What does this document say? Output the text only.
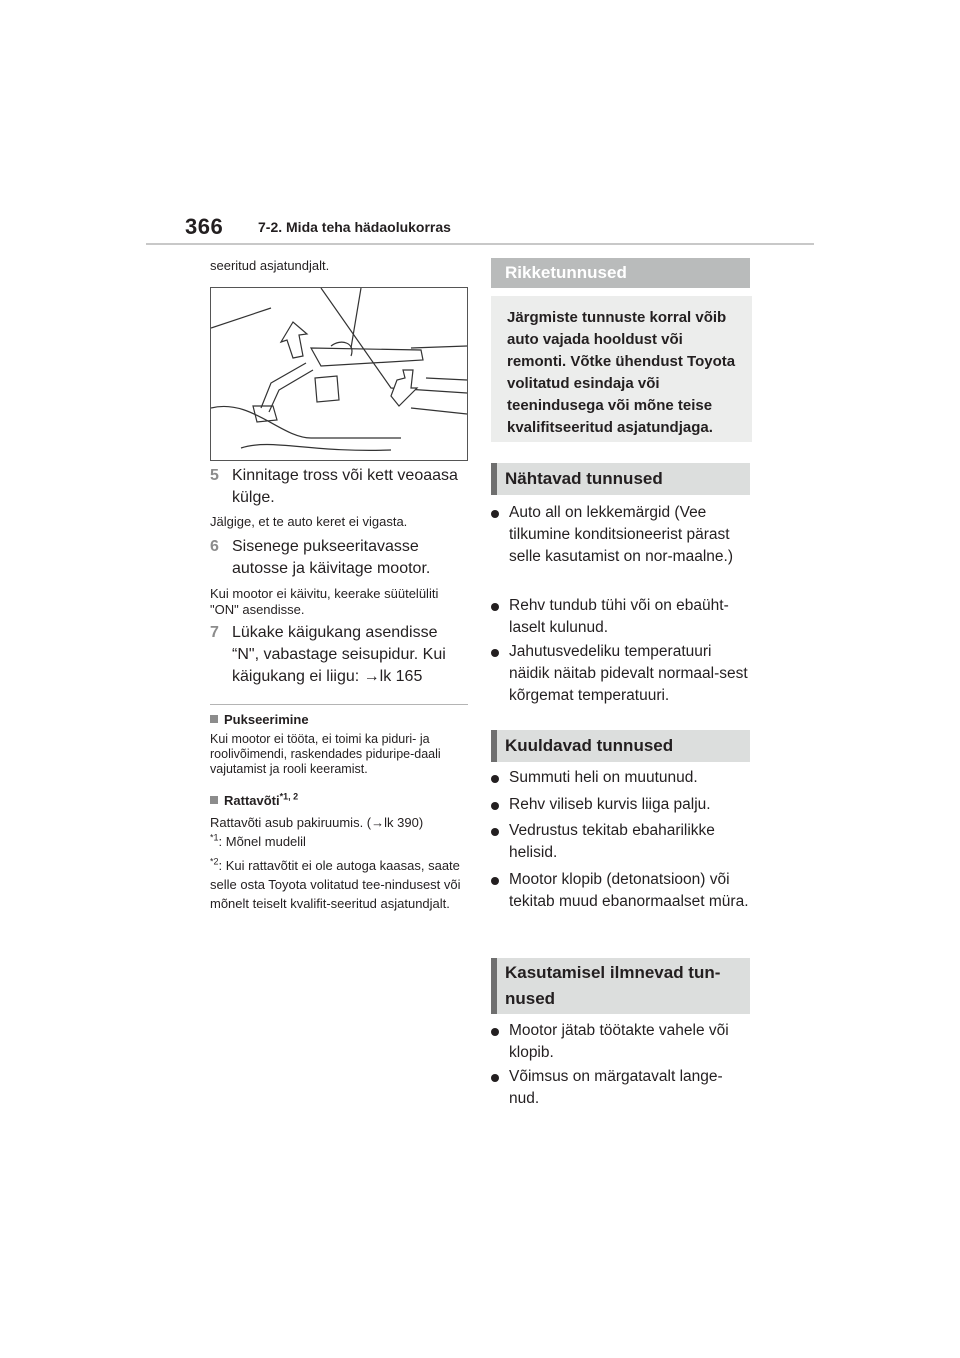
366 7-2. Mida teha hädaolukorras
seeritud asjatundjalt.
5 Kinnitage tross või kett veoaasa külge.
Jälgige, et te auto keret ei vigasta.
6 Sisenege pukseeritavasse autosse ja käivitage mootor.
Kui mootor ei käivitu, keerake süütelüliti "ON" asendisse.
7 Lükake käigukang asendisse “N", vabastage seisupidur. Kui käigukang ei liigu: →lk 165
Pukseerimine
Kui mootor ei tööta, ei toimi ka piduri- ja roolivõimendi, raskendades piduripe-daali vajutamist ja rooli keeramist.
Rattavõti$^{*1, 2}$
Rattavõti asub pakiruumis. (→lk 390)
$^{*1}$: Mõnel mudelil
$^{*2}$: Kui rattavõtit ei ole autoga kaasas, saate selle osta Toyota volitatud tee-nindusest või mõnelt teiselt kvalifit-seeritud asjatundjalt.
Rikketunnused
Järgmiste tunnuste korral võib auto vajada hooldust või remonti. Võtke ühendust Toyota volitatud esindaja või teenindusega või mõne teise kvalifitseeritud asjatundjaga.
Nähtavad tunnused
Auto all on lekkemärgid (Vee tilkumine konditsioneerist pärast selle kasutamist on nor-maalne.)
Rehv tundub tühi või on ebaüht-laselt kulunud.
Jahutusvedeliku temperatuuri näidik näitab pidevalt normaal-sest kõrgemat temperatuuri.
Kuuldavad tunnused
Summuti heli on muutunud.
Rehv viliseb kurvis liiga palju.
Vedrustus tekitab ebaharilikke helisid.
Mootor klopib (detonatsioon) või tekitab muud ebanormaalset müra.
Kasutamisel ilmnevad tun-nused
Mootor jätab töötakte vahele või klopib.
Võimsus on märgatavalt lange-nud.
